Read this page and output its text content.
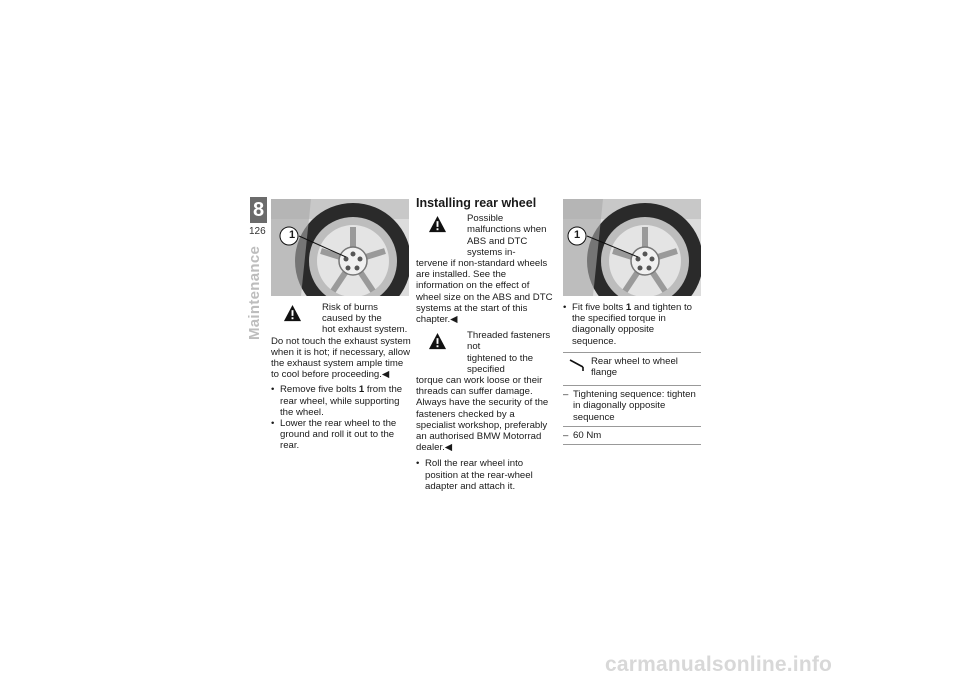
8
126
Maintenance
1
Risk of burns caused by the
hot exhaust system.

Do not touch the exhaust system when it is hot; if necessary, allow the exhaust system ample time to cool before proceeding.◀

• Remove five bolts 1 from the rear wheel, while supporting the wheel.
• Lower the rear wheel to the ground and roll it out to the rear.
Installing rear wheel
Possible malfunctions when
ABS and DTC systems in-

tervene if non-standard wheels are installed. See the information on the effect of wheel size on the ABS and DTC systems at the start of this chapter.◀

Threaded fasteners not
tightened to the specified

torque can work loose or their threads can suffer damage. Always have the security of the fasteners checked by a specialist workshop, preferably an authorised BMW Motorrad dealer.◀

• Roll the rear wheel into position at the rear-wheel adapter and attach it.
1
• Fit five bolts 1 and tighten to the specified torque in diagonally opposite sequence.
Rear wheel to wheel flange
– Tightening sequence: tighten in diagonally opposite sequence
– 60 Nm
carmanualsonline.info
